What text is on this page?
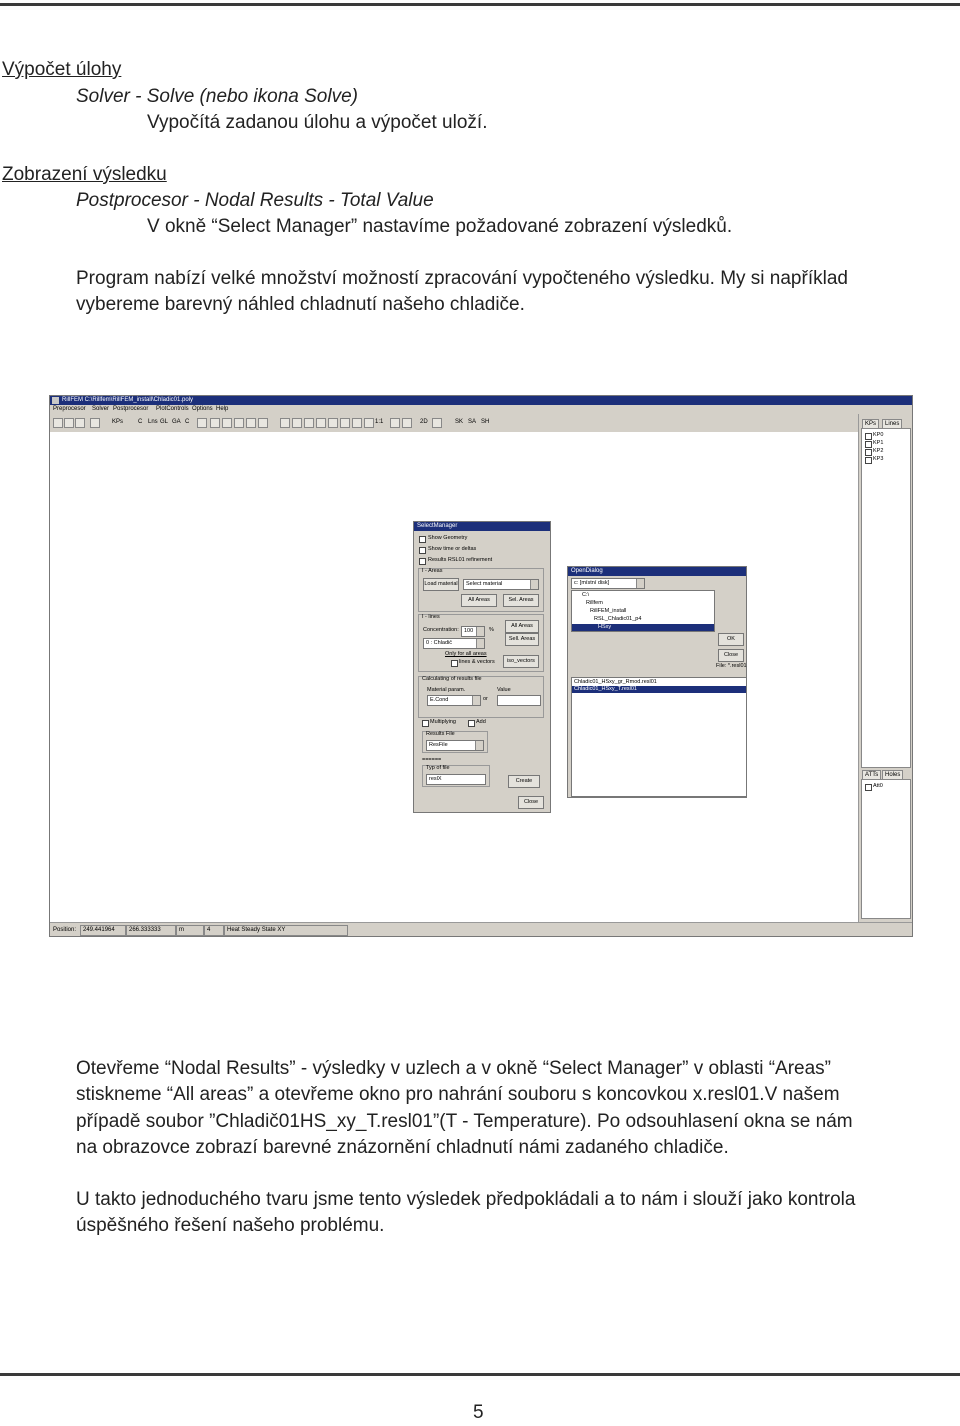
Výpočet úlohy
Solver - Solve (nebo ikona Solve)
Vypočítá zadanou úlohu a výpočet uloží.
Zobrazení výsledku
Postprocesor - Nodal Results - Total Value
V okně “Select Manager” nastavíme požadované zobrazení výsledků.
Program nabízí velké množství možností zpracování vypočteného výsledku. My si například
vybereme barevný náhled chladnutí našeho chladiče.
RillFEM C:\Rillfem\RillFEM_install\Chladic01.poly
Preprocesor Solver Postprocesor PlotControls Options Help
KPs C Lns GL GA C	1:1	2D	SK SA SH	KPs	Lines
KP0
KP1
KP2
KP3
ATTs	Holes
Att0
Position:	249.441964	266.333333	m	4	Heat Steady State XY
SelectManager
Show Geometry
Show time or deltas
Results RSL01 refinement
I - Areas
Load material	Select material
All Areas	Sel. Areas
I - lines
Concentration: 100	%
All Areas
Sell. Areas
0 : Chladič
Only for all areas
lines & vectors	iso_vectors
Calculating of results file
Material param.
E.Cond	or
Value
Multiplying	Add
Results File
ResFile
======
Typ of file
reslX	Create
Close
OpenDialog
c: [místní disk]
C:\
Rillfem
RillFEM_install
RSL_Chladic01_p4
HSxy
OK
Close
File: *.resl01
Chladic01_HSxy_gr_Rmod.resl01
Chladic01_HSxy_T.resl01
Otevřeme “Nodal Results” - výsledky v uzlech a v okně “Select Manager” v oblasti “Areas”
stiskneme “All areas” a otevřeme okno pro nahrání souboru s koncovkou x.resl01.V našem
případě soubor ”Chladič01HS_xy_T.resl01”(T - Temperature). Po odsouhlasení okna se nám
na obrazovce zobrazí barevné znázornění chladnutí námi zadaného chladiče.
U takto jednoduchého tvaru jsme tento výsledek předpokládali a to nám i slouží jako kontrola
úspěšného řešení našeho problému.
5
